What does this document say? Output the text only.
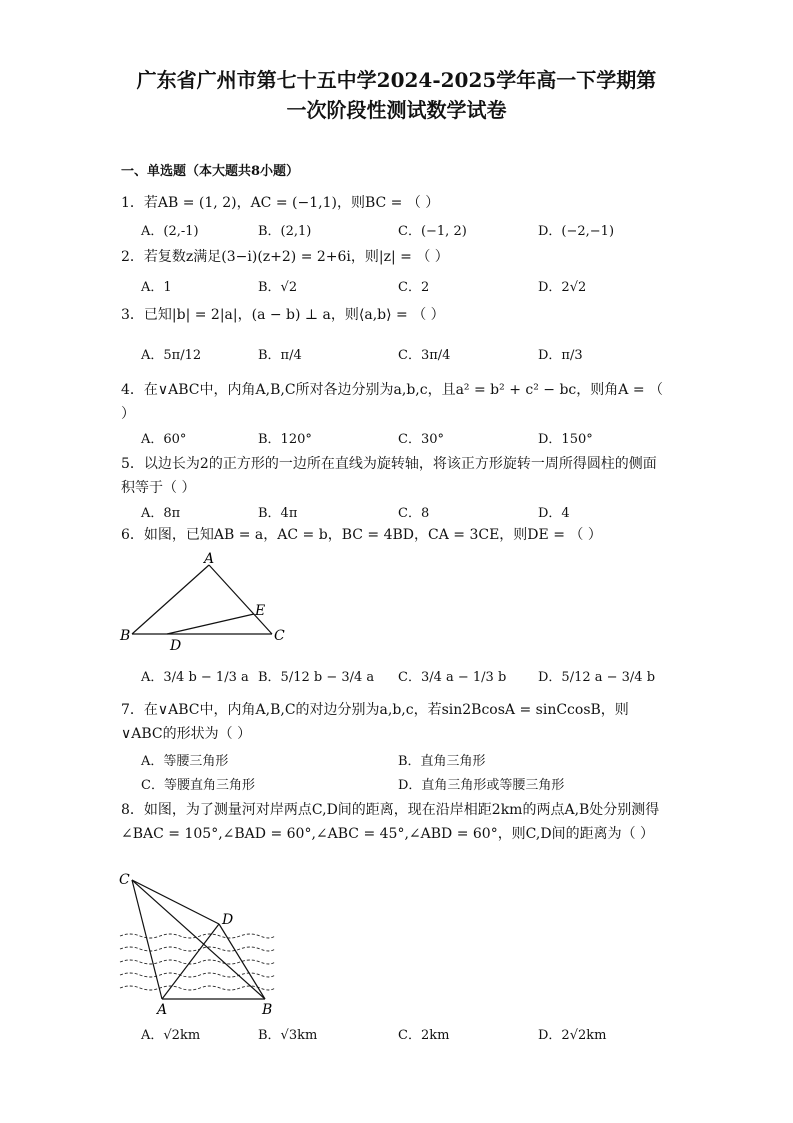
广东省广州市第七十五中学2024-2025学年高一下学期第
一次阶段性测试数学试卷
一、单选题（本大题共8小题）
1．若AB = (1, 2)，AC = (−1,1)，则BC = （ ）
A．(2,-1)	B．(2,1)	C．(−1, 2)	D．(−2,−1)
2．若复数z满足(3−i)(z+2) = 2+6i，则|z| = （ ）
A．1	B．√2	C．2	D．2√2
3．已知|b| = 2|a|，(a − b) ⊥ a，则⟨a,b⟩ = （ ）
A．5π/12	B．π/4	C．3π/4	D．π/3
4．在∨ABC中，内角A,B,C所对各边分别为a,b,c，且a² = b² + c² − bc，则角A = （ ）
A．60°	B．120°	C．30°	D．150°
5．以边长为2的正方形的一边所在直线为旋转轴，将该正方形旋转一周所得圆柱的侧面积等于（ ）
A．8π	B．4π	C．8	D．4
6．如图，已知AB = a，AC = b，BC = 4BD，CA = 3CE，则DE = （ ）
A
B	C
D
E
A．3/4 b − 1/3 a B．5/12 b − 3/4 a C．3/4 a − 1/3 b D．5/12 a − 3/4 b
7．在∨ABC中，内角A,B,C的对边分别为a,b,c，若sin2BcosA = sinCcosB，则∨ABC的形状为（ ）
A．等腰三角形	B．直角三角形
C．等腰直角三角形	D．直角三角形或等腰三角形
8．如图，为了测量河对岸两点C,D间的距离，现在沿岸相距2km的两点A,B处分别测得∠BAC = 105°,∠BAD = 60°,∠ABC = 45°,∠ABD = 60°，则C,D间的距离为（ ）
C
D
A	B
A．√2km	B．√3km	C．2km	D．2√2km
